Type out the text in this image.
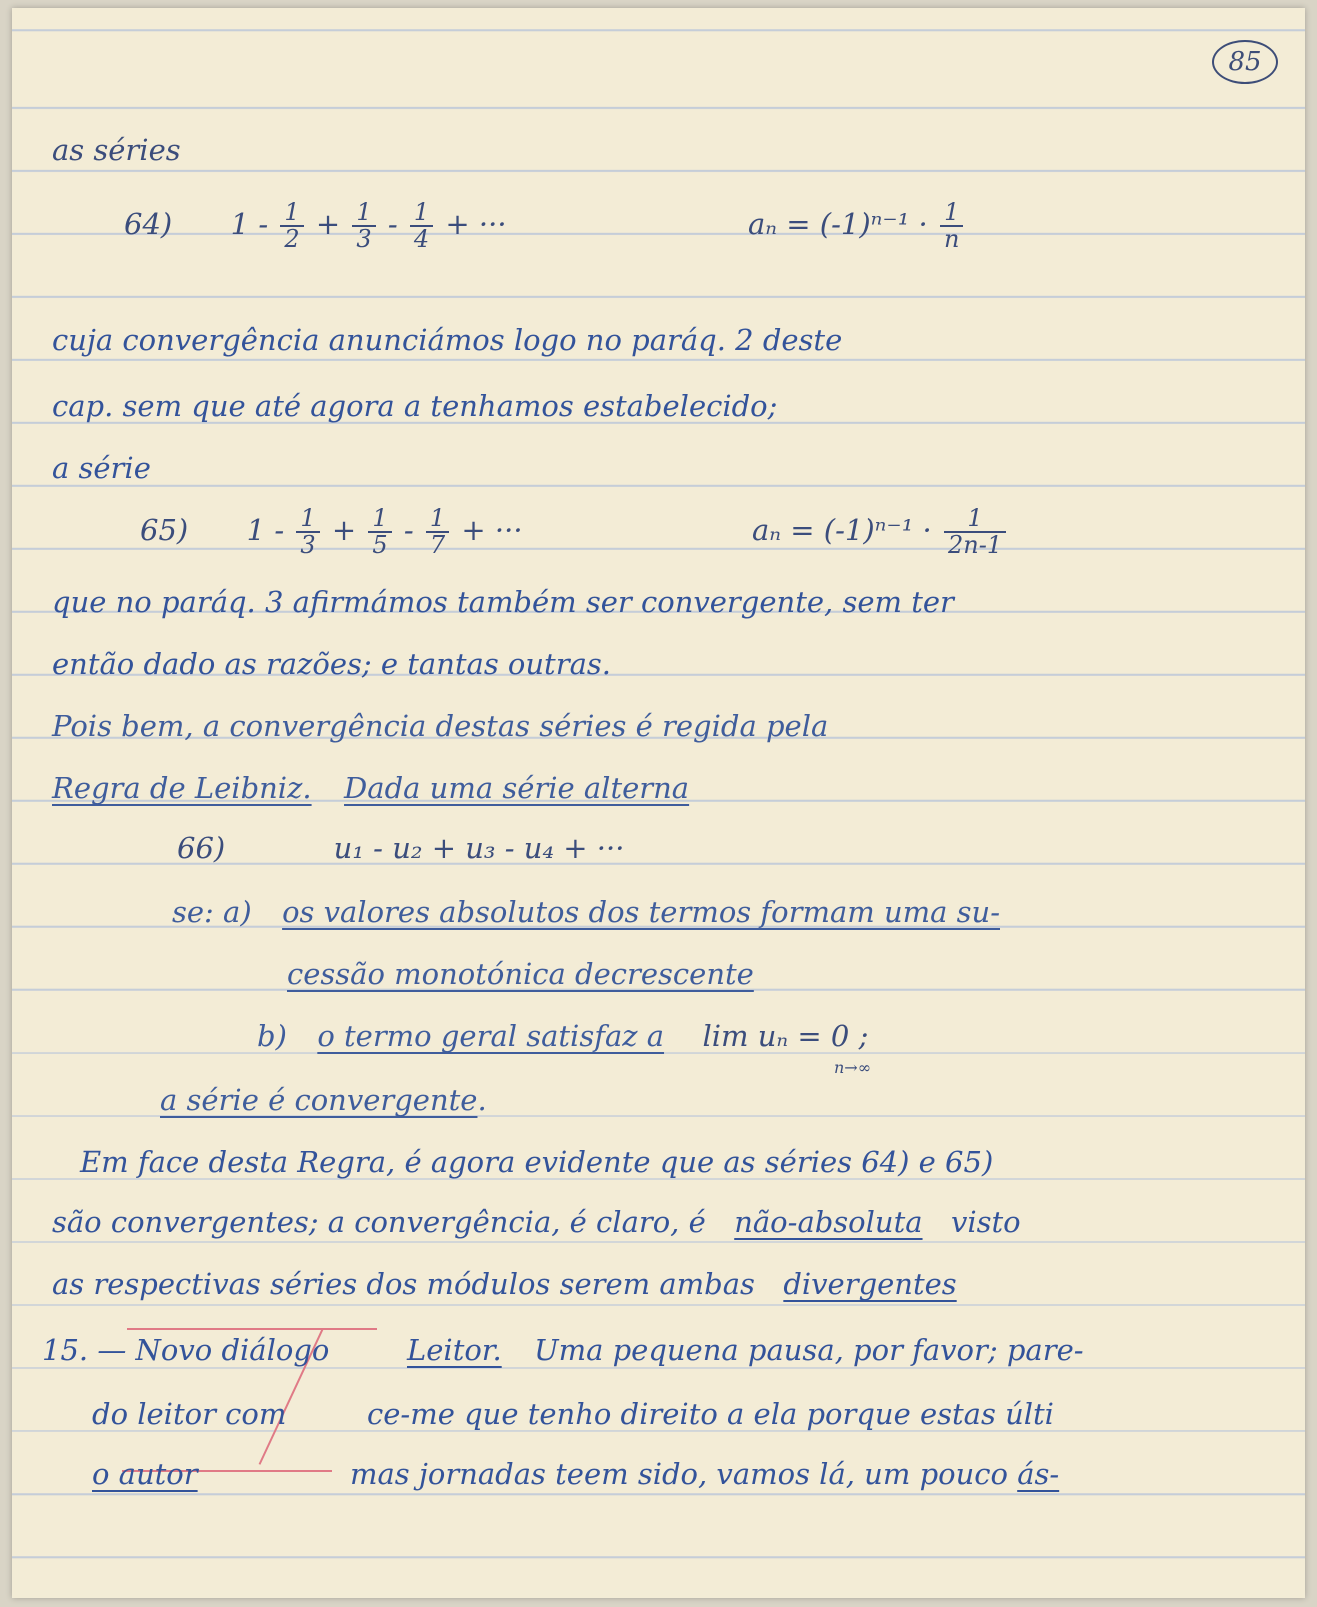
85

as séries

64) $1 - \frac{1}{2} + \frac{1}{3} - \frac{1}{4}$ + ···	$a_n = (-1)^{n-1} \cdot \frac{1}{n}$

cuja convergência anunciámos logo no paráq. 2 deste

cap. sem que até agora a tenhamos estabelecido;

a série

65) $1 - \frac{1}{3} + \frac{1}{5} - \frac{1}{7}$ + ···	$a_n = (-1)^{n-1} \cdot \frac{1}{2n-1}$

que no paráq. 3 afirmámos também ser convergente, sem ter

então dado as razões; e tantas outras.

Pois bem, a convergência destas séries é regida pela

Regra de Leibniz. Dada uma série alterna
66)	u₁ - u₂ + u₃ - u₄ + ···
se: a) os valores absolutos dos termos formam uma su-

cessão monotónica decrescente

b) o termo geral satisfaz a lim uₙ = 0 ;

n→∞

a série é convergente.

Em face desta Regra, é agora evidente que as séries 64) e 65)

são convergentes; a convergência, é claro, é não-absoluta visto
as respectivas séries dos módulos serem ambas divergentes

15. — Novo diálogo

do leitor com

o autor

Leitor. Uma pequena pausa, por favor; pare-

ce-me que tenho direito a ela porque estas últi

mas jornadas teem sido, vamos lá, um pouco ás-
